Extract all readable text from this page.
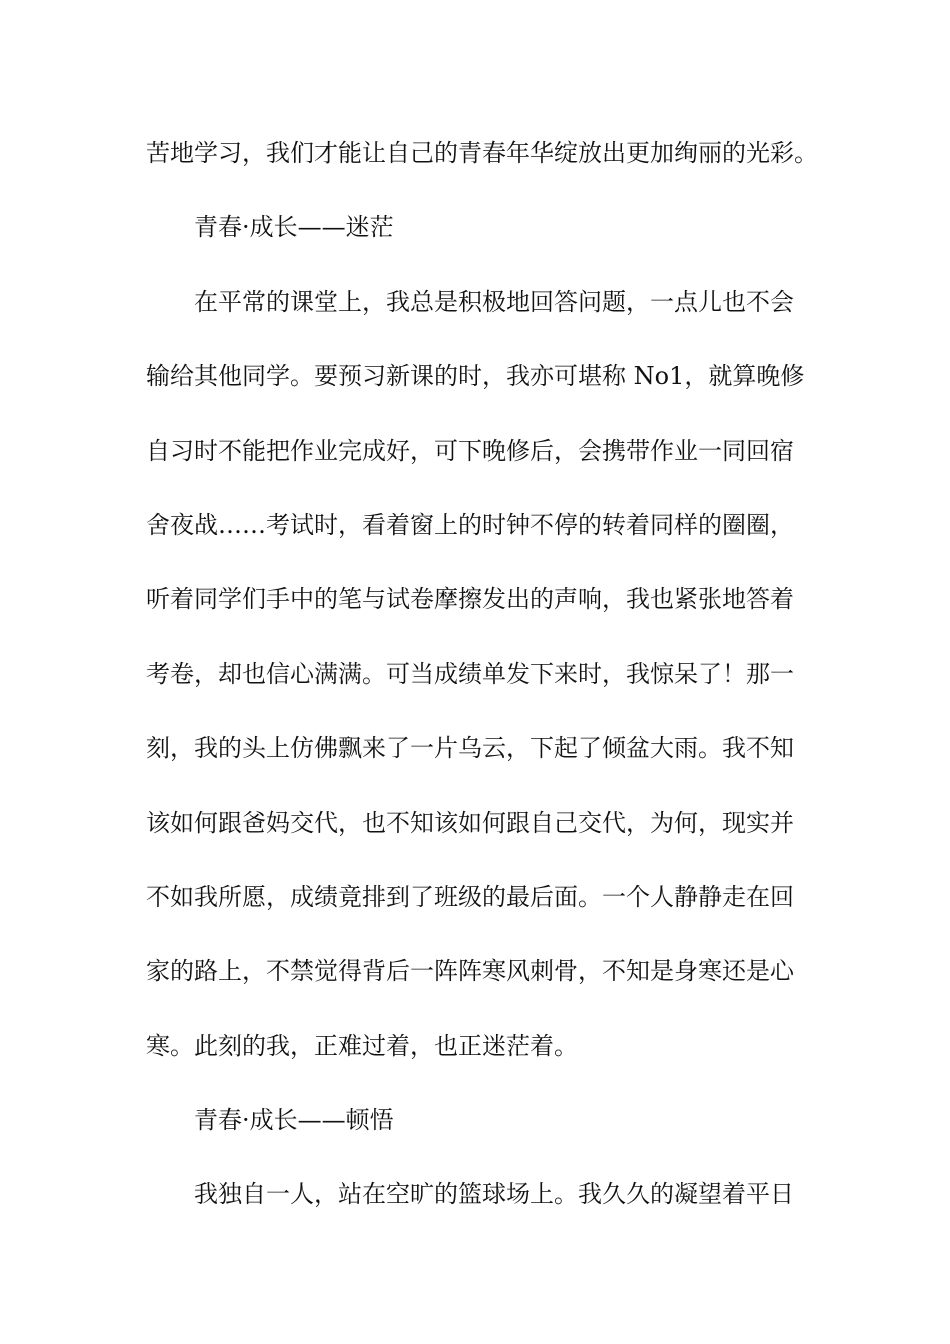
苦地学习，我们才能让自己的青春年华绽放出更加绚丽的光彩。
青春·成长——迷茫
在平常的课堂上，我总是积极地回答问题，一点儿也不会
输给其他同学。要预习新课的时，我亦可堪称 No1，就算晚修
自习时不能把作业完成好，可下晚修后，会携带作业一同回宿
舍夜战……考试时，看着窗上的时钟不停的转着同样的圈圈，
听着同学们手中的笔与试卷摩擦发出的声响，我也紧张地答着
考卷，却也信心满满。可当成绩单发下来时，我惊呆了！那一
刻，我的头上仿佛飘来了一片乌云，下起了倾盆大雨。我不知
该如何跟爸妈交代，也不知该如何跟自己交代，为何，现实并
不如我所愿，成绩竟排到了班级的最后面。一个人静静走在回
家的路上，不禁觉得背后一阵阵寒风刺骨，不知是身寒还是心
寒。此刻的我，正难过着，也正迷茫着。
青春·成长——顿悟
我独自一人，站在空旷的篮球场上。我久久的凝望着平日
